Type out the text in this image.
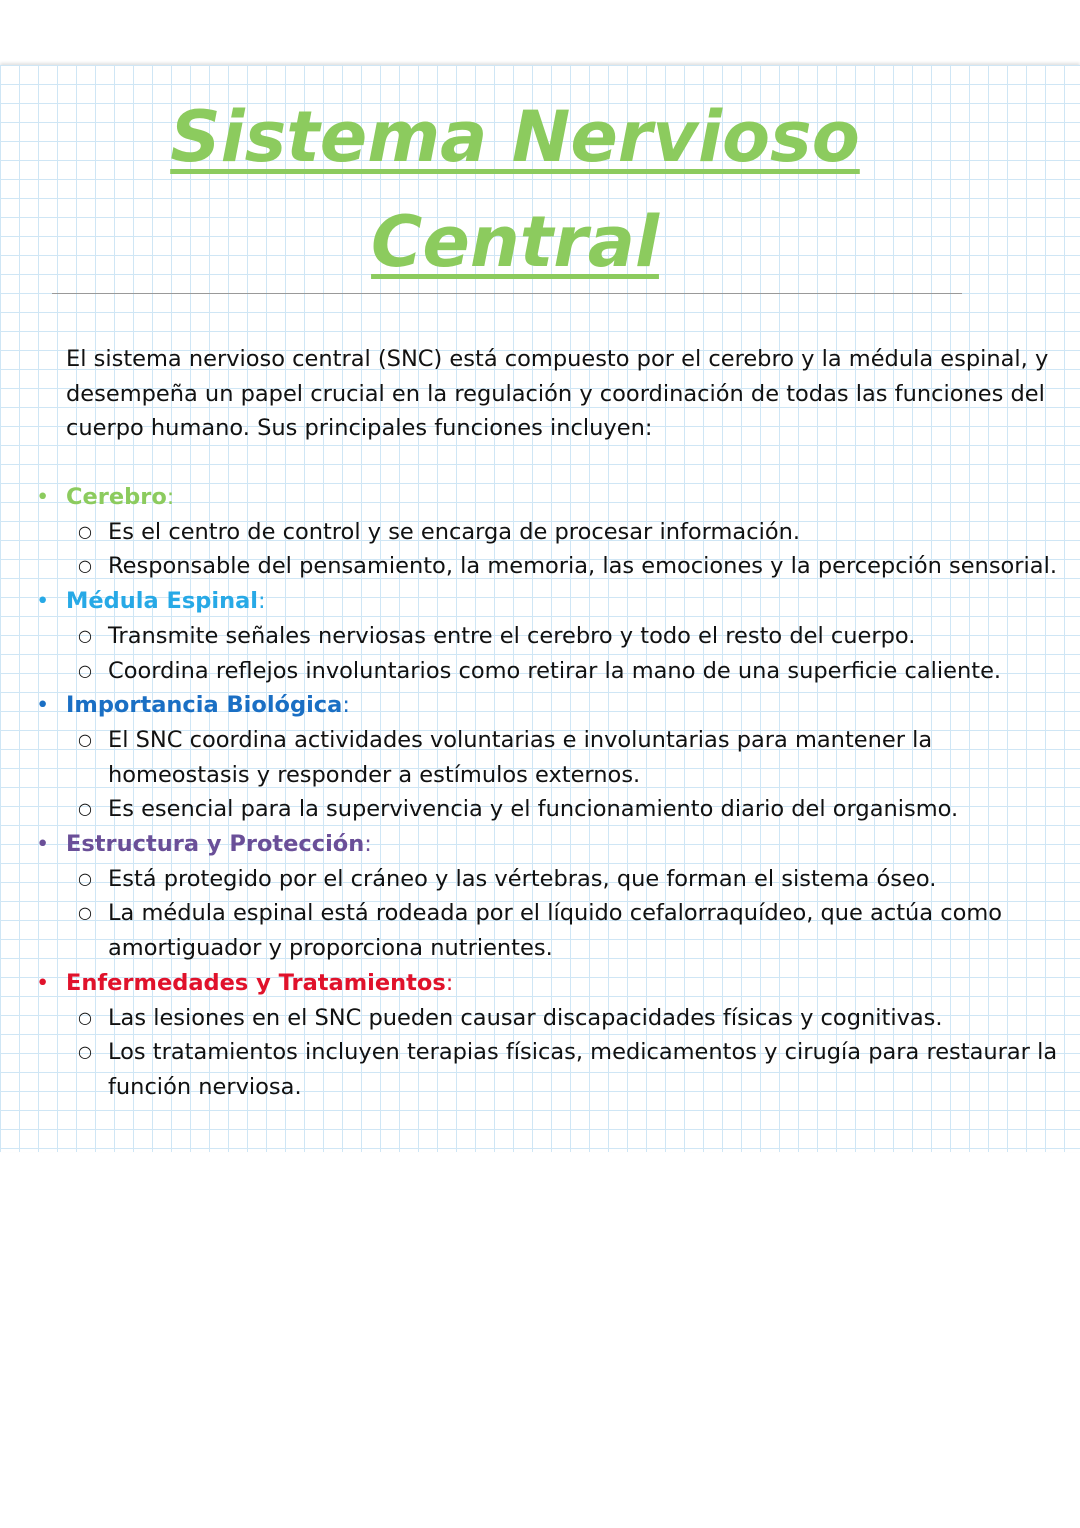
Sistema Nervioso
Central

El sistema nervioso central (SNC) está compuesto por el cerebro y la médula espinal, y desempeña un papel crucial en la regulación y coordinación de todas las funciones del cuerpo humano. Sus principales funciones incluyen:

• Cerebro:
○ Es el centro de control y se encarga de procesar información.
○ Responsable del pensamiento, la memoria, las emociones y la percepción sensorial.
• Médula Espinal:
○ Transmite señales nerviosas entre el cerebro y todo el resto del cuerpo.
○ Coordina reflejos involuntarios como retirar la mano de una superficie caliente.
• Importancia Biológica:
○ El SNC coordina actividades voluntarias e involuntarias para mantener la homeostasis y responder a estímulos externos.
○ Es esencial para la supervivencia y el funcionamiento diario del organismo.
• Estructura y Protección:
○ Está protegido por el cráneo y las vértebras, que forman el sistema óseo.
○ La médula espinal está rodeada por el líquido cefalorraquídeo, que actúa como amortiguador y proporciona nutrientes.
• Enfermedades y Tratamientos:
○ Las lesiones en el SNC pueden causar discapacidades físicas y cognitivas.
○ Los tratamientos incluyen terapias físicas, medicamentos y cirugía para restaurar la función nerviosa.
